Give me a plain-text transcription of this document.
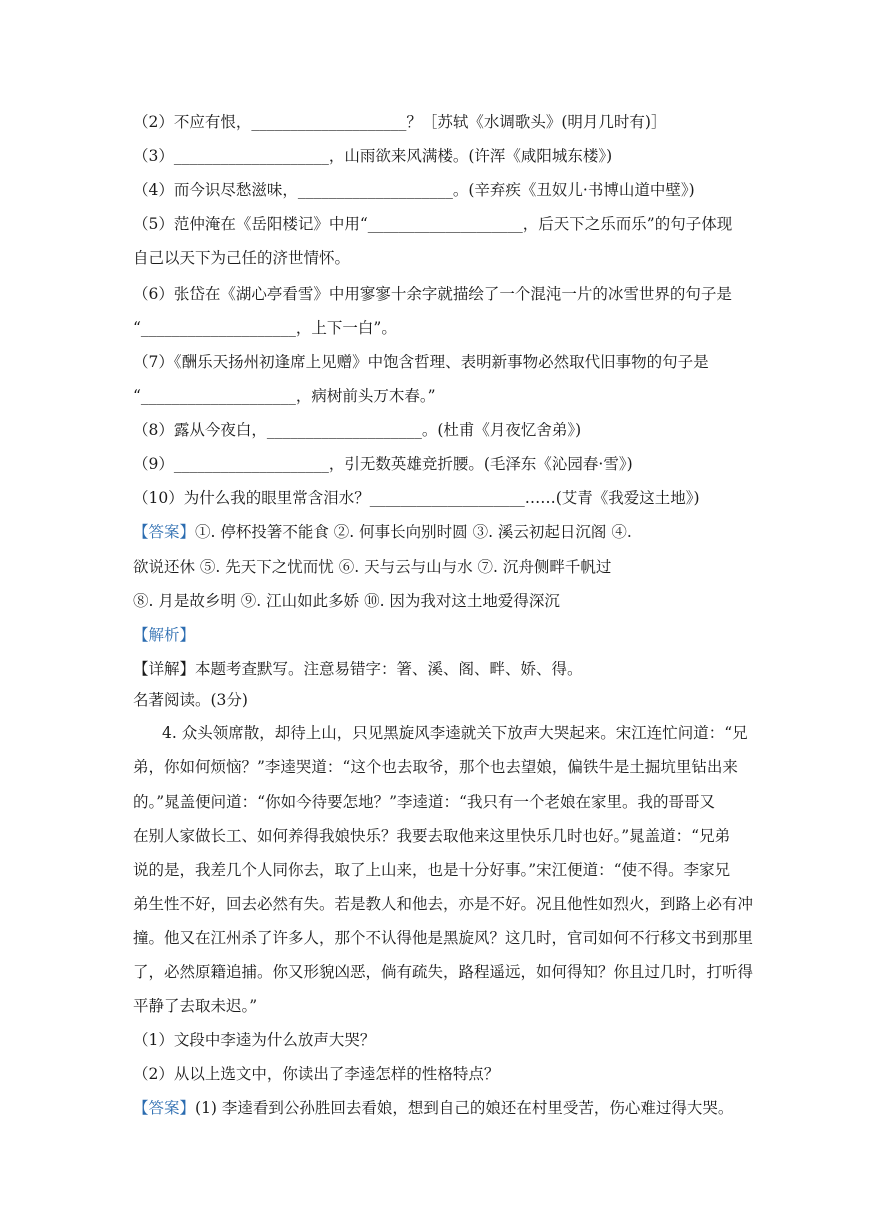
（2）不应有恨，____________________？［苏轼《水调歌头》(明月几时有)］
（3）____________________，山雨欲来风满楼。(许浑《咸阳城东楼》)
（4）而今识尽愁滋味，____________________。(辛弃疾《丑奴儿·书博山道中壁》)
（5）范仲淹在《岳阳楼记》中用“____________________，后天下之乐而乐”的句子体现
自己以天下为己任的济世情怀。
（6）张岱在《湖心亭看雪》中用寥寥十余字就描绘了一个混沌一片的冰雪世界的句子是
“____________________，上下一白”。
（7）《酬乐天扬州初逢席上见赠》中饱含哲理、表明新事物必然取代旧事物的句子是
“____________________，病树前头万木春。”
（8）露从今夜白，____________________。(杜甫《月夜忆舍弟》)
（9）____________________，引无数英雄竞折腰。(毛泽东《沁园春·雪》)
（10）为什么我的眼里常含泪水？____________________……(艾青《我爱这土地》)
【答案】①. 停杯投箸不能食 ②. 何事长向别时圆 ③. 溪云初起日沉阁 ④.
欲说还休 ⑤. 先天下之忧而忧 ⑥. 天与云与山与水 ⑦. 沉舟侧畔千帆过
⑧. 月是故乡明 ⑨. 江山如此多娇 ⑩. 因为我对这土地爱得深沉
【解析】
【详解】本题考查默写。注意易错字：箸、溪、阁、畔、娇、得。
名著阅读。(3分)
4. 众头领席散，却待上山，只见黑旋风李逵就关下放声大哭起来。宋江连忙问道：“兄
弟，你如何烦恼？”李逵哭道：“这个也去取爷，那个也去望娘，偏铁牛是土掘坑里钻出来
的。”晁盖便问道：“你如今待要怎地？”李逵道：“我只有一个老娘在家里。我的哥哥又
在别人家做长工、如何养得我娘快乐？我要去取他来这里快乐几时也好。”晁盖道：“兄弟
说的是，我差几个人同你去，取了上山来，也是十分好事。”宋江便道：“使不得。李家兄
弟生性不好，回去必然有失。若是教人和他去，亦是不好。况且他性如烈火，到路上必有冲
撞。他又在江州杀了许多人，那个不认得他是黑旋风？这几时，官司如何不行移文书到那里
了，必然原籍追捕。你又形貌凶恶，倘有疏失，路程遥远，如何得知？你且过几时，打听得
平静了去取未迟。”
（1）文段中李逵为什么放声大哭？
（2）从以上选文中，你读出了李逵怎样的性格特点？
【答案】(1) 李逵看到公孙胜回去看娘，想到自己的娘还在村里受苦，伤心难过得大哭。
